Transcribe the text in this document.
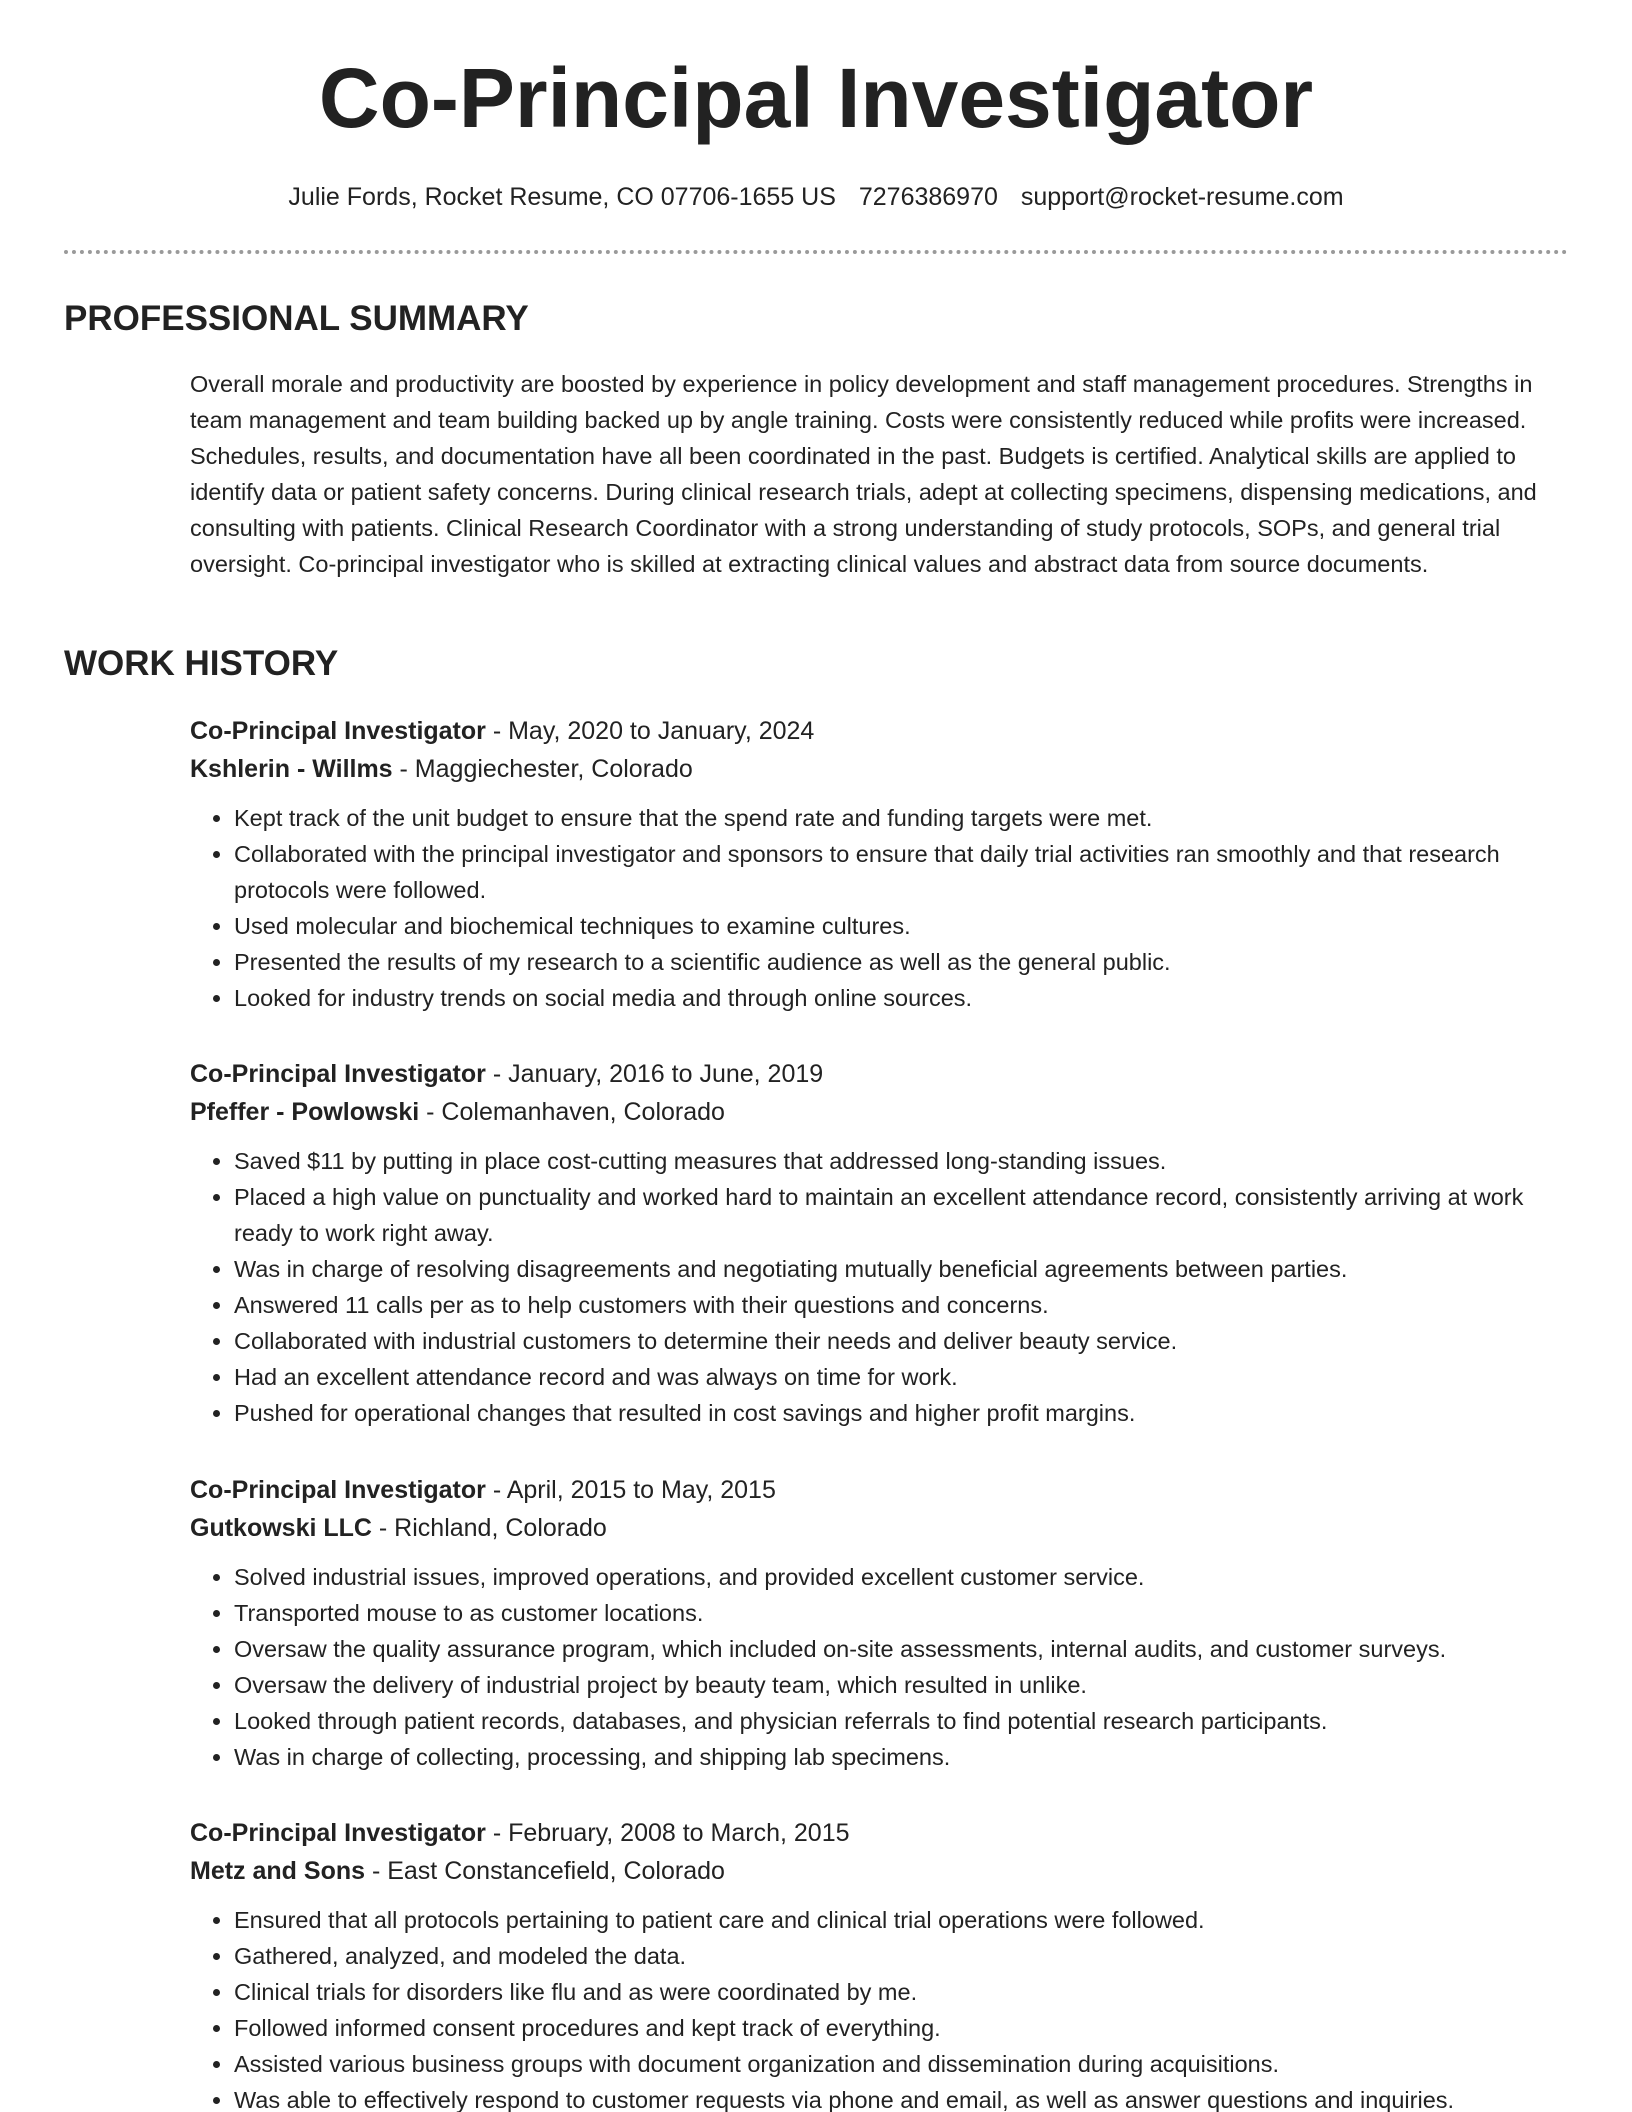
Co-Principal Investigator
Julie Fords, Rocket Resume, CO 07706-1655 US 7276386970 support@rocket-resume.com
PROFESSIONAL SUMMARY

Overall morale and productivity are boosted by experience in policy development and staff management procedures. Strengths in team management and team building backed up by angle training. Costs were consistently reduced while profits were increased. Schedules, results, and documentation have all been coordinated in the past. Budgets is certified. Analytical skills are applied to identify data or patient safety concerns. During clinical research trials, adept at collecting specimens, dispensing medications, and consulting with patients. Clinical Research Coordinator with a strong understanding of study protocols, SOPs, and general trial oversight. Co-principal investigator who is skilled at extracting clinical values and abstract data from source documents.

WORK HISTORY

Co-Principal Investigator - May, 2020 to January, 2024

Kshlerin - Willms - Maggiechester, Colorado

• Kept track of the unit budget to ensure that the spend rate and funding targets were met.
• Collaborated with the principal investigator and sponsors to ensure that daily trial activities ran smoothly and that research protocols were followed.
• Used molecular and biochemical techniques to examine cultures.
• Presented the results of my research to a scientific audience as well as the general public.
• Looked for industry trends on social media and through online sources.

Co-Principal Investigator - January, 2016 to June, 2019

Pfeffer - Powlowski - Colemanhaven, Colorado

• Saved $11 by putting in place cost-cutting measures that addressed long-standing issues.
• Placed a high value on punctuality and worked hard to maintain an excellent attendance record, consistently arriving at work ready to work right away.
• Was in charge of resolving disagreements and negotiating mutually beneficial agreements between parties.
• Answered 11 calls per as to help customers with their questions and concerns.
• Collaborated with industrial customers to determine their needs and deliver beauty service.
• Had an excellent attendance record and was always on time for work.
• Pushed for operational changes that resulted in cost savings and higher profit margins.

Co-Principal Investigator - April, 2015 to May, 2015

Gutkowski LLC - Richland, Colorado

• Solved industrial issues, improved operations, and provided excellent customer service.
• Transported mouse to as customer locations.
• Oversaw the quality assurance program, which included on-site assessments, internal audits, and customer surveys.
• Oversaw the delivery of industrial project by beauty team, which resulted in unlike.
• Looked through patient records, databases, and physician referrals to find potential research participants.
• Was in charge of collecting, processing, and shipping lab specimens.

Co-Principal Investigator - February, 2008 to March, 2015

Metz and Sons - East Constancefield, Colorado

• Ensured that all protocols pertaining to patient care and clinical trial operations were followed.
• Gathered, analyzed, and modeled the data.
• Clinical trials for disorders like flu and as were coordinated by me.
• Followed informed consent procedures and kept track of everything.
• Assisted various business groups with document organization and dissemination during acquisitions.
• Was able to effectively respond to customer requests via phone and email, as well as answer questions and inquiries.
